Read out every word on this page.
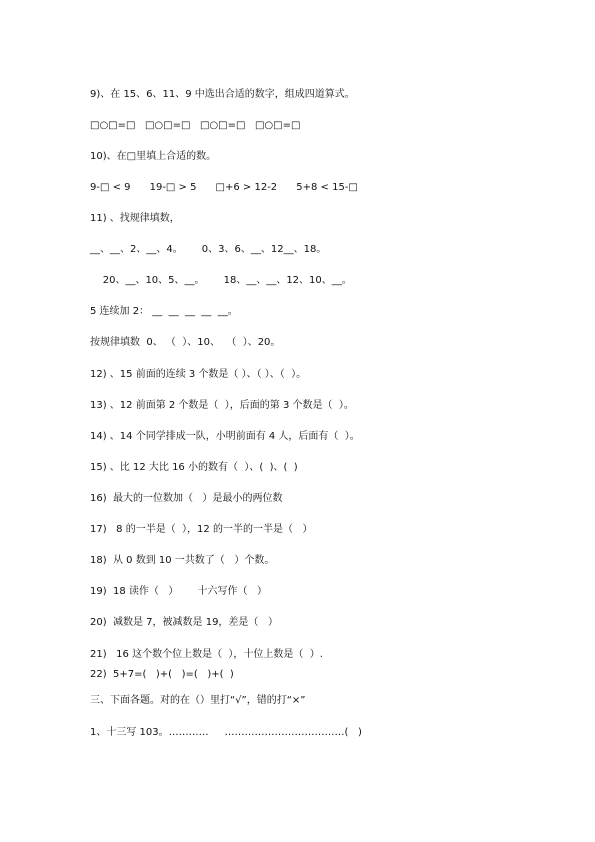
9)、在 15、6、11、9 中选出合适的数字，组成四道算式。
□○□=□   □○□=□   □○□=□   □○□=□
10)、在□里填上合适的数。
9-□ < 9      19-□ > 5      □+6 > 12-2      5+8 < 15-□
11) 、找规律填数，
__、__、2、__、4。      0、3、6、__、12__、18。
20、__、10、5、__。      18、__、__、12、10、__。
5 连续加 2： __  __  __  __  __。
按规律填数  0、 （  ）、10、  （  ）、20。
12) 、15 前面的连续 3 个数是（ ）、（ ）、（  ）。
13) 、12 前面第 2 个数是（  ），后面的第 3 个数是（  ）。
14) 、14 个同学排成一队，小明前面有 4 人，后面有（  ）。
15) 、比 12 大比 16 小的数有（  ）、(  )、(  )
16)  最大的一位数加（   ）是最小的两位数
17)   8 的一半是（  ），12 的一半的一半是（   ）
18)  从 0 数到 10 一共数了（   ）个数。
19)  18 读作（   ）      十六写作（   ）
20)  减数是 7，被减数是 19，差是（   ）
21)   16 这个数个位上数是（  ），十位上数是（  ）.
22)  5+7=(   )+(   )=(   )+(  )
三、下面各题。对的在（）里打“√”，错的打“×”
1、十三写 103。…………     ………………………………(   )
